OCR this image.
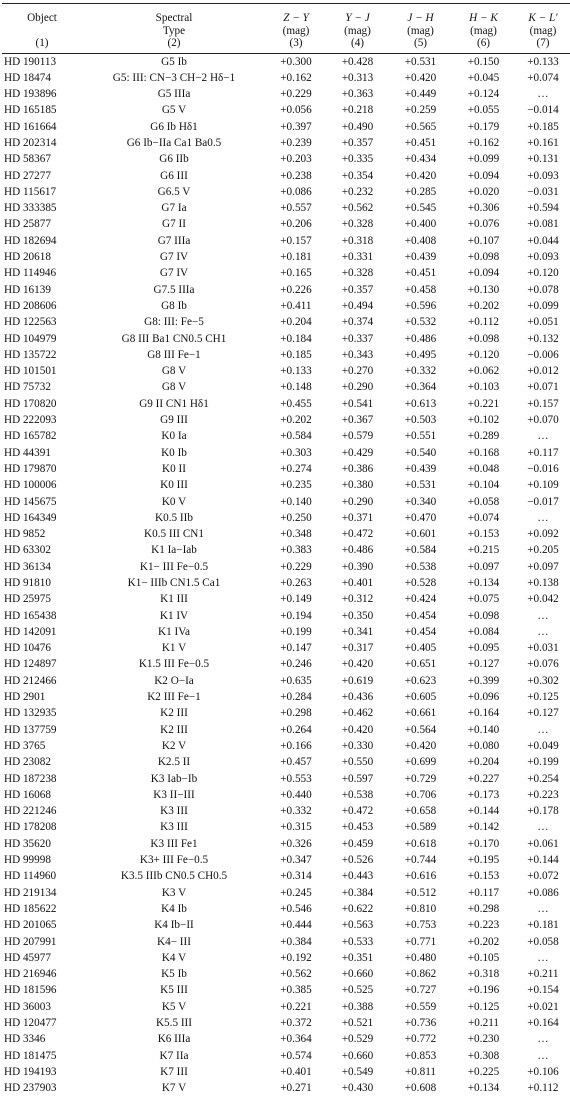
Object	Spectral	Z − Y	Y − J	J − H	H − K	K − L′
	Type	(mag)	(mag)	(mag)	(mag)	(mag)
(1)	(2)	(3)	(4)	(5)	(6)	(7)
HD 190113	G5 Ib	+0.300	+0.428	+0.531	+0.150	+0.133
HD 18474	G5: III: CN−3 CH−2 Hδ−1	+0.162	+0.313	+0.420	+0.045	+0.074
HD 193896	G5 IIIa	+0.229	+0.363	+0.449	+0.124	…
HD 165185	G5 V	+0.056	+0.218	+0.259	+0.055	−0.014
HD 161664	G6 Ib Hδ1	+0.397	+0.490	+0.565	+0.179	+0.185
HD 202314	G6 Ib−IIa Ca1 Ba0.5	+0.239	+0.357	+0.451	+0.162	+0.161
HD 58367	G6 IIb	+0.203	+0.335	+0.434	+0.099	+0.131
HD 27277	G6 III	+0.238	+0.354	+0.420	+0.094	+0.093
HD 115617	G6.5 V	+0.086	+0.232	+0.285	+0.020	−0.031
HD 333385	G7 Ia	+0.557	+0.562	+0.545	+0.306	+0.594
HD 25877	G7 II	+0.206	+0.328	+0.400	+0.076	+0.081
HD 182694	G7 IIIa	+0.157	+0.318	+0.408	+0.107	+0.044
HD 20618	G7 IV	+0.181	+0.331	+0.439	+0.098	+0.093
HD 114946	G7 IV	+0.165	+0.328	+0.451	+0.094	+0.120
HD 16139	G7.5 IIIa	+0.226	+0.357	+0.458	+0.130	+0.078
HD 208606	G8 Ib	+0.411	+0.494	+0.596	+0.202	+0.099
HD 122563	G8: III: Fe−5	+0.204	+0.374	+0.532	+0.112	+0.051
HD 104979	G8 III Ba1 CN0.5 CH1	+0.184	+0.337	+0.486	+0.098	+0.132
HD 135722	G8 III Fe−1	+0.185	+0.343	+0.495	+0.120	−0.006
HD 101501	G8 V	+0.133	+0.270	+0.332	+0.062	+0.012
HD 75732	G8 V	+0.148	+0.290	+0.364	+0.103	+0.071
HD 170820	G9 II CN1 Hδ1	+0.455	+0.541	+0.613	+0.221	+0.157
HD 222093	G9 III	+0.202	+0.367	+0.503	+0.102	+0.070
HD 165782	K0 Ia	+0.584	+0.579	+0.551	+0.289	…
HD 44391	K0 Ib	+0.303	+0.429	+0.540	+0.168	+0.117
HD 179870	K0 II	+0.274	+0.386	+0.439	+0.048	−0.016
HD 100006	K0 III	+0.235	+0.380	+0.531	+0.104	+0.109
HD 145675	K0 V	+0.140	+0.290	+0.340	+0.058	−0.017
HD 164349	K0.5 IIb	+0.250	+0.371	+0.470	+0.074	…
HD 9852	K0.5 III CN1	+0.348	+0.472	+0.601	+0.153	+0.092
HD 63302	K1 Ia−Iab	+0.383	+0.486	+0.584	+0.215	+0.205
HD 36134	K1− III Fe−0.5	+0.229	+0.390	+0.538	+0.097	+0.097
HD 91810	K1− IIIb CN1.5 Ca1	+0.263	+0.401	+0.528	+0.134	+0.138
HD 25975	K1 III	+0.149	+0.312	+0.424	+0.075	+0.042
HD 165438	K1 IV	+0.194	+0.350	+0.454	+0.098	…
HD 142091	K1 IVa	+0.199	+0.341	+0.454	+0.084	…
HD 10476	K1 V	+0.147	+0.317	+0.405	+0.095	+0.031
HD 124897	K1.5 III Fe−0.5	+0.246	+0.420	+0.651	+0.127	+0.076
HD 212466	K2 O−Ia	+0.635	+0.619	+0.623	+0.399	+0.302
HD 2901	K2 III Fe−1	+0.284	+0.436	+0.605	+0.096	+0.125
HD 132935	K2 III	+0.298	+0.462	+0.661	+0.164	+0.127
HD 137759	K2 III	+0.264	+0.420	+0.564	+0.140	…
HD 3765	K2 V	+0.166	+0.330	+0.420	+0.080	+0.049
HD 23082	K2.5 II	+0.457	+0.550	+0.699	+0.204	+0.199
HD 187238	K3 Iab−Ib	+0.553	+0.597	+0.729	+0.227	+0.254
HD 16068	K3 II−III	+0.440	+0.538	+0.706	+0.173	+0.223
HD 221246	K3 III	+0.332	+0.472	+0.658	+0.144	+0.178
HD 178208	K3 III	+0.315	+0.453	+0.589	+0.142	…
HD 35620	K3 III Fe1	+0.326	+0.459	+0.618	+0.170	+0.061
HD 99998	K3+ III Fe−0.5	+0.347	+0.526	+0.744	+0.195	+0.144
HD 114960	K3.5 IIIb CN0.5 CH0.5	+0.314	+0.443	+0.616	+0.153	+0.072
HD 219134	K3 V	+0.245	+0.384	+0.512	+0.117	+0.086
HD 185622	K4 Ib	+0.546	+0.622	+0.810	+0.298	…
HD 201065	K4 Ib−II	+0.444	+0.563	+0.753	+0.223	+0.181
HD 207991	K4− III	+0.384	+0.533	+0.771	+0.202	+0.058
HD 45977	K4 V	+0.192	+0.351	+0.480	+0.105	…
HD 216946	K5 Ib	+0.562	+0.660	+0.862	+0.318	+0.211
HD 181596	K5 III	+0.385	+0.525	+0.727	+0.196	+0.154
HD 36003	K5 V	+0.221	+0.388	+0.559	+0.125	+0.021
HD 120477	K5.5 III	+0.372	+0.521	+0.736	+0.211	+0.164
HD 3346	K6 IIIa	+0.364	+0.529	+0.772	+0.230	…
HD 181475	K7 IIa	+0.574	+0.660	+0.853	+0.308	…
HD 194193	K7 III	+0.401	+0.549	+0.811	+0.225	+0.106
HD 237903	K7 V	+0.271	+0.430	+0.608	+0.134	+0.112
